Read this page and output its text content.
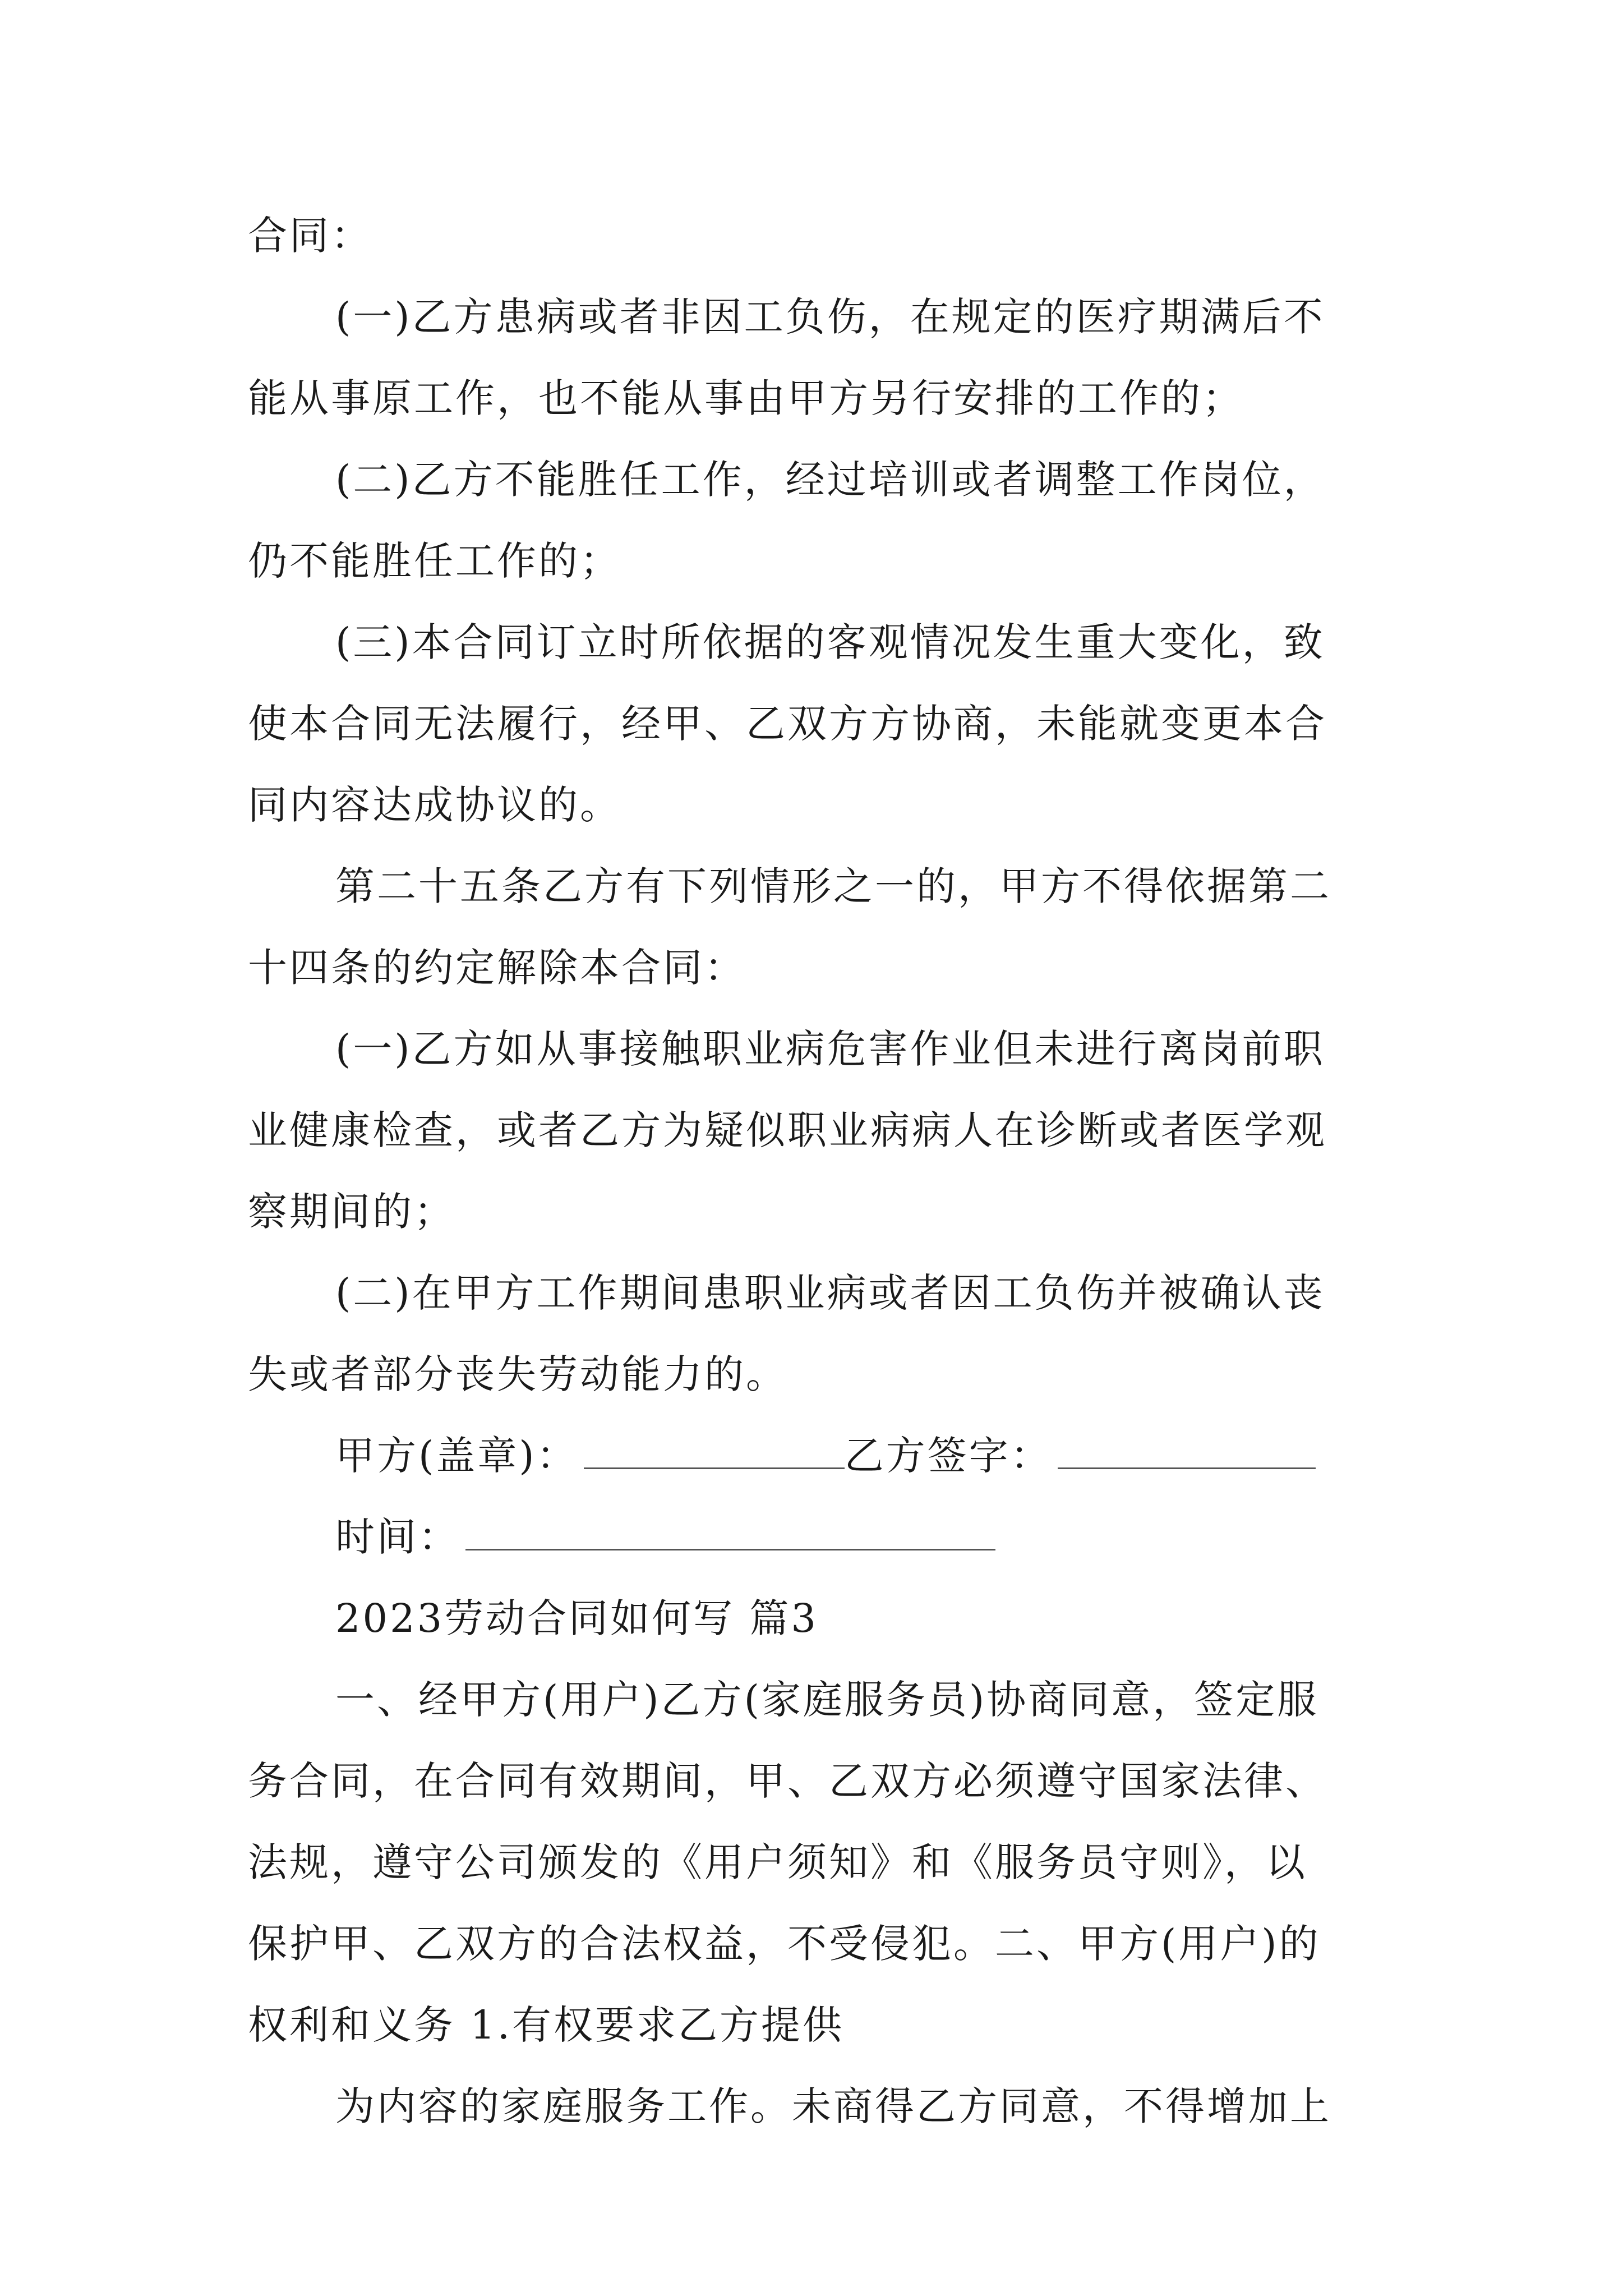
合同：
(一)乙方患病或者非因工负伤，在规定的医疗期满后不
能从事原工作，也不能从事由甲方另行安排的工作的；
(二)乙方不能胜任工作，经过培训或者调整工作岗位，
仍不能胜任工作的；
(三)本合同订立时所依据的客观情况发生重大变化，致
使本合同无法履行，经甲、乙双方方协商，未能就变更本合
同内容达成协议的。
第二十五条乙方有下列情形之一的，甲方不得依据第二
十四条的约定解除本合同：
(一)乙方如从事接触职业病危害作业但未进行离岗前职
业健康检查，或者乙方为疑似职业病病人在诊断或者医学观
察期间的；
(二)在甲方工作期间患职业病或者因工负伤并被确认丧
失或者部分丧失劳动能力的。
甲方(盖章)：	乙方签字：
时间：
2023劳动合同如何写 篇3
一、经甲方(用户)乙方(家庭服务员)协商同意，签定服
务合同，在合同有效期间，甲、乙双方必须遵守国家法律、
法规，遵守公司颁发的《用户须知》和《服务员守则》，以
保护甲、乙双方的合法权益，不受侵犯。二、甲方(用户)的
权利和义务 1.有权要求乙方提供
为内容的家庭服务工作。未商得乙方同意，不得增加上
